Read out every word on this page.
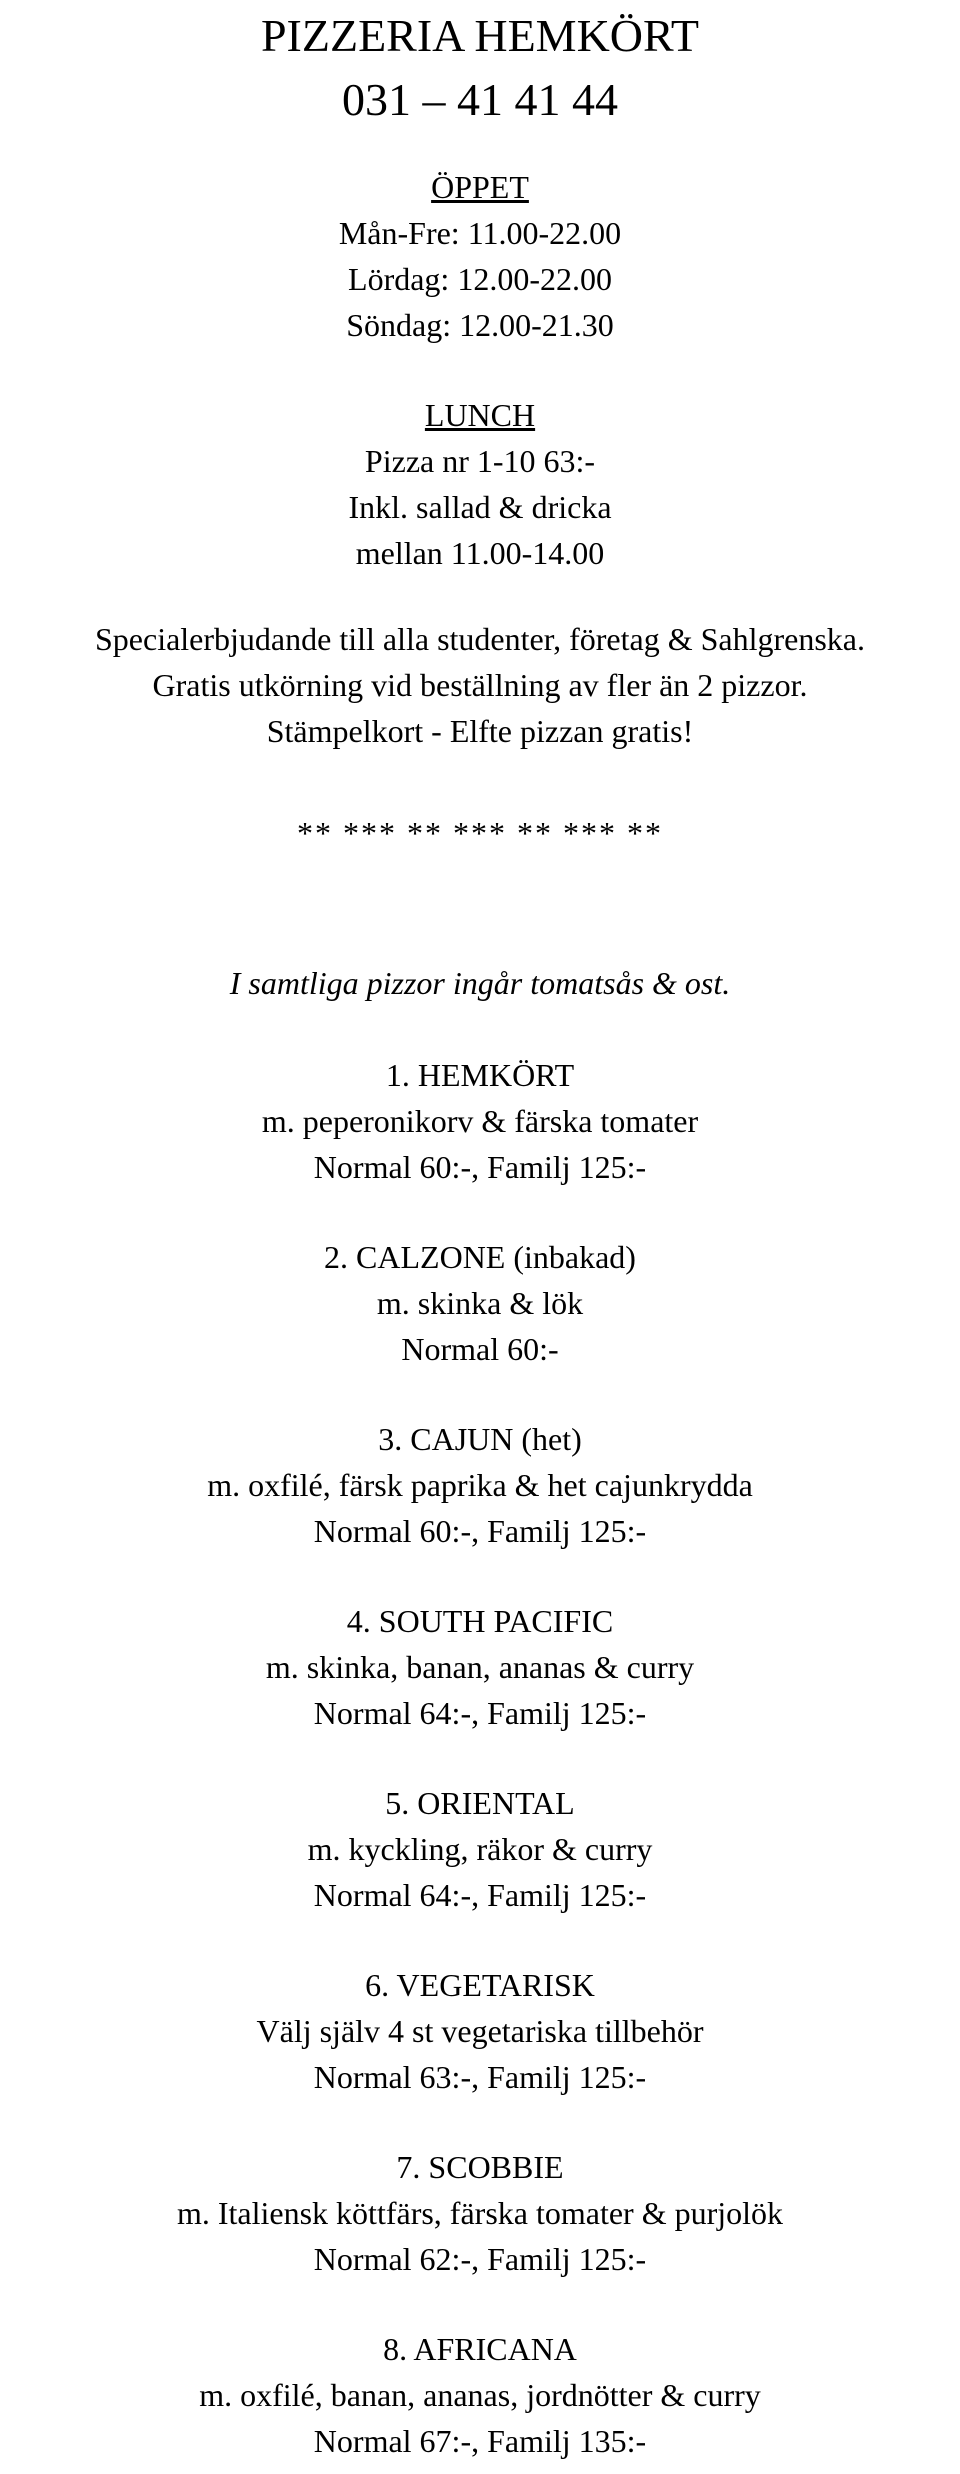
PIZZERIA HEMKÖRT
031 – 41 41 44
ÖPPET
Mån-Fre: 11.00-22.00
Lördag: 12.00-22.00
Söndag: 12.00-21.30
LUNCH
Pizza nr 1-10 63:-
Inkl. sallad & dricka
mellan 11.00-14.00
Specialerbjudande till alla studenter, företag & Sahlgrenska.
Gratis utkörning vid beställning av fler än 2 pizzor.
Stämpelkort - Elfte pizzan gratis!
** *** ** *** ** *** **
I samtliga pizzor ingår tomatsås & ost.
1. HEMKÖRT
m. peperonikorv & färska tomater
Normal 60:-, Familj 125:-
2. CALZONE (inbakad)
m. skinka & lök
Normal 60:-
3. CAJUN (het)
m. oxfilé, färsk paprika & het cajunkrydda
Normal 60:-, Familj 125:-
4. SOUTH PACIFIC
m. skinka, banan, ananas & curry
Normal 64:-, Familj 125:-
5. ORIENTAL
m. kyckling, räkor & curry
Normal 64:-, Familj 125:-
6. VEGETARISK
Välj själv 4 st vegetariska tillbehör
Normal 63:-, Familj 125:-
7. SCOBBIE
m. Italiensk köttfärs, färska tomater & purjolök
Normal 62:-, Familj 125:-
8. AFRICANA
m. oxfilé, banan, ananas, jordnötter & curry
Normal 67:-, Familj 135:-
